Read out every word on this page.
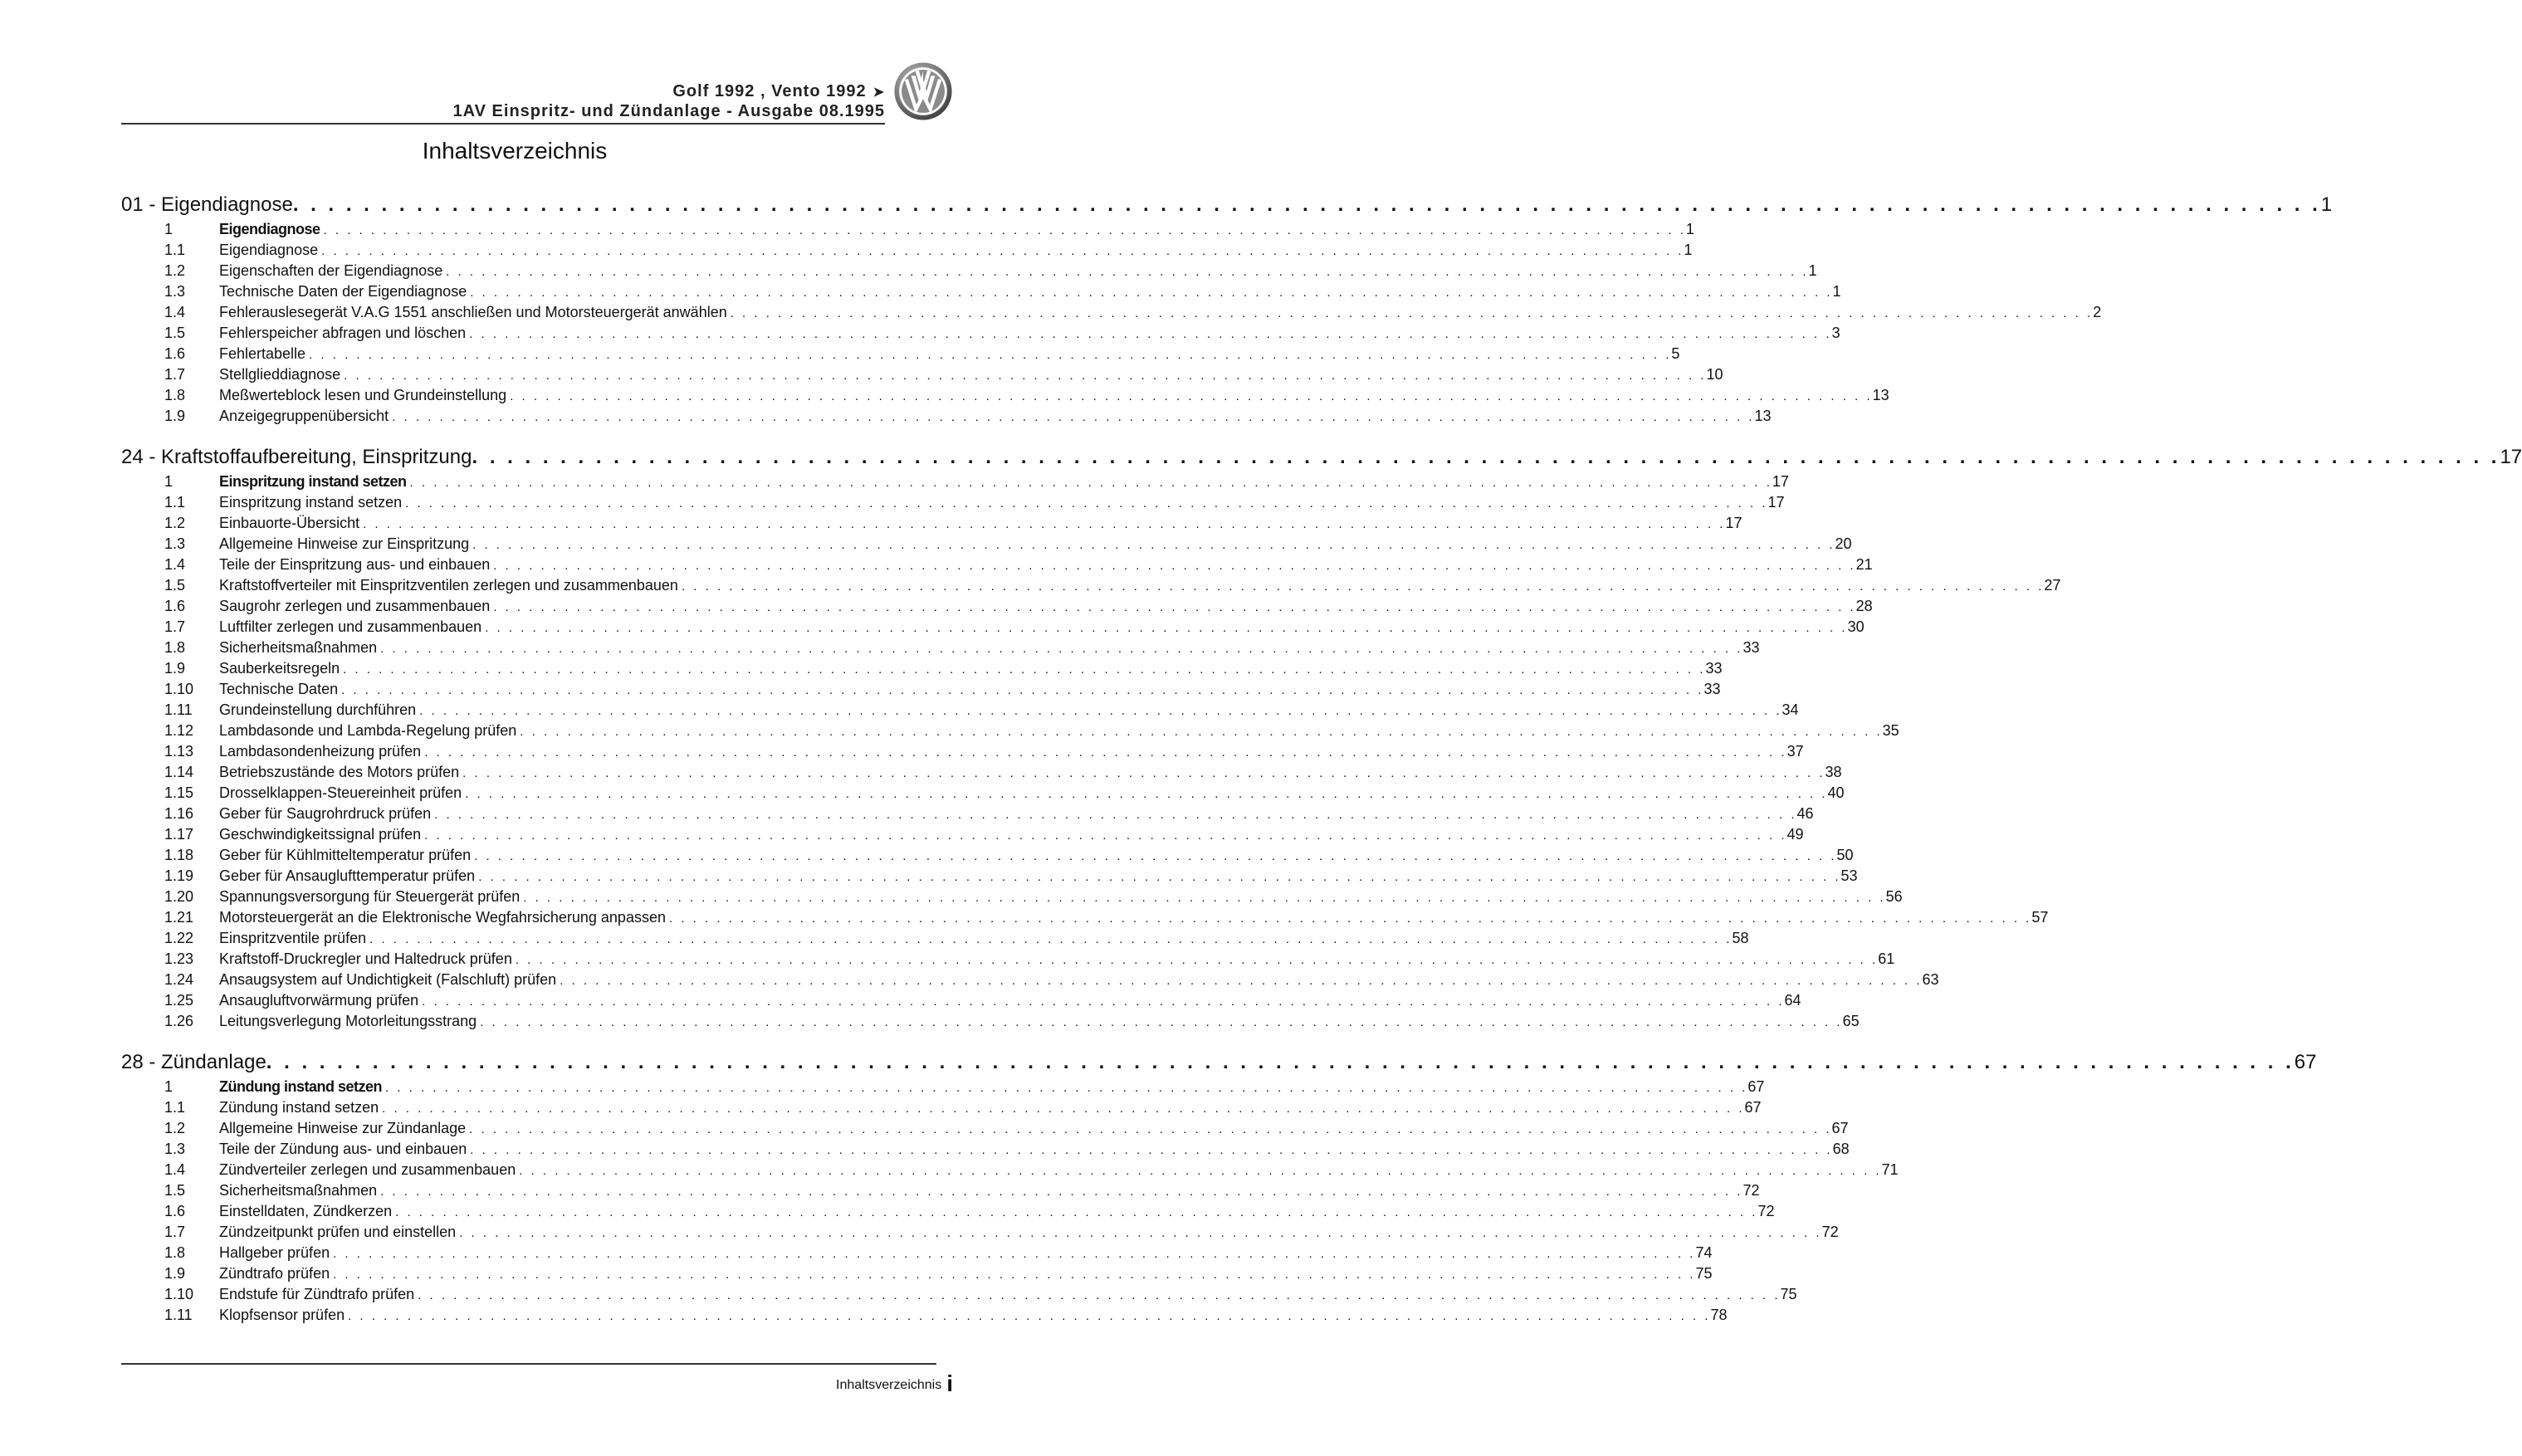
Golf 1992 , Vento 1992 ➤
1AV Einspritz- und Zündanlage - Ausgabe 08.1995
Inhaltsverzeichnis
01 - Eigendiagnose . . . . . . . . . . . . . . . . . . . . . . . . . . . . . . . . . . . . . . . . . . . . . . . . . . . . . . . . . . . . . . . . . . . . . . . . . . . . . . . . . . . . . . . . . . . . . . . . . . . . . . . . . . . . . . . . . . . 1
1	Eigendiagnose . . . . . . . . . . . . . . . . . . . . . . . . . . . . . . . . . . . . . . . . . . . . . . . . . . . . . . . . . . . . . . . . . . . . . . . . . . . . . . . . . . . . . . . . . . . . . . . . . . . . . . . . . . . . . . . . . . . 1
1.1	Eigendiagnose . . . . . . . . . . . . . . . . . . . . . . . . . . . . . . . . . . . . . . . . . . . . . . . . . . . . . . . . . . . . . . . . . . . . . . . . . . . . . . . . . . . . . . . . . . . . . . . . . . . . . . . . . . . . . . . . . . . 1
1.2	Eigenschaften der Eigendiagnose . . . . . . . . . . . . . . . . . . . . . . . . . . . . . . . . . . . . . . . . . . . . . . . . . . . . . . . . . . . . . . . . . . . . . . . . . . . . . . . . . . . . . . . . . . . . . . . . . . . . . . . . . . . . . . . . . . . 1
1.3	Technische Daten der Eigendiagnose . . . . . . . . . . . . . . . . . . . . . . . . . . . . . . . . . . . . . . . . . . . . . . . . . . . . . . . . . . . . . . . . . . . . . . . . . . . . . . . . . . . . . . . . . . . . . . . . . . . . . . . . . . . . . . . . . . . 1
1.4	Fehlerauslesegerät V.A.G 1551 anschließen und Motorsteuergerät anwählen . . . . . . . . . . . . . . . . . . . . . . . . . . . . . . . . . . . . . . . . . . . . . . . . . . . . . . . . . . . . . . . . . . . . . . . . . . . . . . . . . . . . . . . . . . . . . . . . . . . . . . . . . . . . . . . . . . . 2
1.5	Fehlerspeicher abfragen und löschen . . . . . . . . . . . . . . . . . . . . . . . . . . . . . . . . . . . . . . . . . . . . . . . . . . . . . . . . . . . . . . . . . . . . . . . . . . . . . . . . . . . . . . . . . . . . . . . . . . . . . . . . . . . . . . . . . . . 3
1.6	Fehlertabelle . . . . . . . . . . . . . . . . . . . . . . . . . . . . . . . . . . . . . . . . . . . . . . . . . . . . . . . . . . . . . . . . . . . . . . . . . . . . . . . . . . . . . . . . . . . . . . . . . . . . . . . . . . . . . . . . . . . 5
1.7	Stellglieddiagnose . . . . . . . . . . . . . . . . . . . . . . . . . . . . . . . . . . . . . . . . . . . . . . . . . . . . . . . . . . . . . . . . . . . . . . . . . . . . . . . . . . . . . . . . . . . . . . . . . . . . . . . . . . . . . . . . . . . 10
1.8	Meßwerteblock lesen und Grundeinstellung . . . . . . . . . . . . . . . . . . . . . . . . . . . . . . . . . . . . . . . . . . . . . . . . . . . . . . . . . . . . . . . . . . . . . . . . . . . . . . . . . . . . . . . . . . . . . . . . . . . . . . . . . . . . . . . . . . . 13
1.9	Anzeigegruppenübersicht . . . . . . . . . . . . . . . . . . . . . . . . . . . . . . . . . . . . . . . . . . . . . . . . . . . . . . . . . . . . . . . . . . . . . . . . . . . . . . . . . . . . . . . . . . . . . . . . . . . . . . . . . . . . . . . . . . . 13
24 - Kraftstoffaufbereitung, Einspritzung . . . . . . . . . . . . . . . . . . . . . . . . . . . . . . . . . . . . . . . . . . . . . . . . . . . . . . . . . . . . . . . . . . . . . . . . . . . . . . . . . . . . . . . . . . . . . . . . . . . . . . . . . . . . . . . . . . . 17
1	Einspritzung instand setzen . . . . . . . . . . . . . . . . . . . . . . . . . . . . . . . . . . . . . . . . . . . . . . . . . . . . . . . . . . . . . . . . . . . . . . . . . . . . . . . . . . . . . . . . . . . . . . . . . . . . . . . . . . . . . . . . . . . 17
1.1	Einspritzung instand setzen . . . . . . . . . . . . . . . . . . . . . . . . . . . . . . . . . . . . . . . . . . . . . . . . . . . . . . . . . . . . . . . . . . . . . . . . . . . . . . . . . . . . . . . . . . . . . . . . . . . . . . . . . . . . . . . . . . . 17
1.2	Einbauorte-Übersicht . . . . . . . . . . . . . . . . . . . . . . . . . . . . . . . . . . . . . . . . . . . . . . . . . . . . . . . . . . . . . . . . . . . . . . . . . . . . . . . . . . . . . . . . . . . . . . . . . . . . . . . . . . . . . . . . . . . 17
1.3	Allgemeine Hinweise zur Einspritzung . . . . . . . . . . . . . . . . . . . . . . . . . . . . . . . . . . . . . . . . . . . . . . . . . . . . . . . . . . . . . . . . . . . . . . . . . . . . . . . . . . . . . . . . . . . . . . . . . . . . . . . . . . . . . . . . . . . 20
1.4	Teile der Einspritzung aus- und einbauen . . . . . . . . . . . . . . . . . . . . . . . . . . . . . . . . . . . . . . . . . . . . . . . . . . . . . . . . . . . . . . . . . . . . . . . . . . . . . . . . . . . . . . . . . . . . . . . . . . . . . . . . . . . . . . . . . . . 21
1.5	Kraftstoffverteiler mit Einspritzventilen zerlegen und zusammenbauen . . . . . . . . . . . . . . . . . . . . . . . . . . . . . . . . . . . . . . . . . . . . . . . . . . . . . . . . . . . . . . . . . . . . . . . . . . . . . . . . . . . . . . . . . . . . . . . . . . . . . . . . . . . . . . . . . . . 27
1.6	Saugrohr zerlegen und zusammenbauen . . . . . . . . . . . . . . . . . . . . . . . . . . . . . . . . . . . . . . . . . . . . . . . . . . . . . . . . . . . . . . . . . . . . . . . . . . . . . . . . . . . . . . . . . . . . . . . . . . . . . . . . . . . . . . . . . . . 28
1.7	Luftfilter zerlegen und zusammenbauen . . . . . . . . . . . . . . . . . . . . . . . . . . . . . . . . . . . . . . . . . . . . . . . . . . . . . . . . . . . . . . . . . . . . . . . . . . . . . . . . . . . . . . . . . . . . . . . . . . . . . . . . . . . . . . . . . . . 30
1.8	Sicherheitsmaßnahmen . . . . . . . . . . . . . . . . . . . . . . . . . . . . . . . . . . . . . . . . . . . . . . . . . . . . . . . . . . . . . . . . . . . . . . . . . . . . . . . . . . . . . . . . . . . . . . . . . . . . . . . . . . . . . . . . . . . 33
1.9	Sauberkeitsregeln . . . . . . . . . . . . . . . . . . . . . . . . . . . . . . . . . . . . . . . . . . . . . . . . . . . . . . . . . . . . . . . . . . . . . . . . . . . . . . . . . . . . . . . . . . . . . . . . . . . . . . . . . . . . . . . . . . . 33
1.10	Technische Daten . . . . . . . . . . . . . . . . . . . . . . . . . . . . . . . . . . . . . . . . . . . . . . . . . . . . . . . . . . . . . . . . . . . . . . . . . . . . . . . . . . . . . . . . . . . . . . . . . . . . . . . . . . . . . . . . . . . 33
1.11	Grundeinstellung durchführen . . . . . . . . . . . . . . . . . . . . . . . . . . . . . . . . . . . . . . . . . . . . . . . . . . . . . . . . . . . . . . . . . . . . . . . . . . . . . . . . . . . . . . . . . . . . . . . . . . . . . . . . . . . . . . . . . . . 34
1.12	Lambdasonde und Lambda-Regelung prüfen . . . . . . . . . . . . . . . . . . . . . . . . . . . . . . . . . . . . . . . . . . . . . . . . . . . . . . . . . . . . . . . . . . . . . . . . . . . . . . . . . . . . . . . . . . . . . . . . . . . . . . . . . . . . . . . . . . . 35
1.13	Lambdasondenheizung prüfen . . . . . . . . . . . . . . . . . . . . . . . . . . . . . . . . . . . . . . . . . . . . . . . . . . . . . . . . . . . . . . . . . . . . . . . . . . . . . . . . . . . . . . . . . . . . . . . . . . . . . . . . . . . . . . . . . . . 37
1.14	Betriebszustände des Motors prüfen . . . . . . . . . . . . . . . . . . . . . . . . . . . . . . . . . . . . . . . . . . . . . . . . . . . . . . . . . . . . . . . . . . . . . . . . . . . . . . . . . . . . . . . . . . . . . . . . . . . . . . . . . . . . . . . . . . . 38
1.15	Drosselklappen-Steuereinheit prüfen . . . . . . . . . . . . . . . . . . . . . . . . . . . . . . . . . . . . . . . . . . . . . . . . . . . . . . . . . . . . . . . . . . . . . . . . . . . . . . . . . . . . . . . . . . . . . . . . . . . . . . . . . . . . . . . . . . . 40
1.16	Geber für Saugrohrdruck prüfen . . . . . . . . . . . . . . . . . . . . . . . . . . . . . . . . . . . . . . . . . . . . . . . . . . . . . . . . . . . . . . . . . . . . . . . . . . . . . . . . . . . . . . . . . . . . . . . . . . . . . . . . . . . . . . . . . . . 46
1.17	Geschwindigkeitssignal prüfen . . . . . . . . . . . . . . . . . . . . . . . . . . . . . . . . . . . . . . . . . . . . . . . . . . . . . . . . . . . . . . . . . . . . . . . . . . . . . . . . . . . . . . . . . . . . . . . . . . . . . . . . . . . . . . . . . . . 49
1.18	Geber für Kühlmitteltemperatur prüfen . . . . . . . . . . . . . . . . . . . . . . . . . . . . . . . . . . . . . . . . . . . . . . . . . . . . . . . . . . . . . . . . . . . . . . . . . . . . . . . . . . . . . . . . . . . . . . . . . . . . . . . . . . . . . . . . . . . 50
1.19	Geber für Ansauglufttemperatur prüfen . . . . . . . . . . . . . . . . . . . . . . . . . . . . . . . . . . . . . . . . . . . . . . . . . . . . . . . . . . . . . . . . . . . . . . . . . . . . . . . . . . . . . . . . . . . . . . . . . . . . . . . . . . . . . . . . . . . 53
1.20	Spannungsversorgung für Steuergerät prüfen . . . . . . . . . . . . . . . . . . . . . . . . . . . . . . . . . . . . . . . . . . . . . . . . . . . . . . . . . . . . . . . . . . . . . . . . . . . . . . . . . . . . . . . . . . . . . . . . . . . . . . . . . . . . . . . . . . . 56
1.21	Motorsteuergerät an die Elektronische Wegfahrsicherung anpassen . . . . . . . . . . . . . . . . . . . . . . . . . . . . . . . . . . . . . . . . . . . . . . . . . . . . . . . . . . . . . . . . . . . . . . . . . . . . . . . . . . . . . . . . . . . . . . . . . . . . . . . . . . . . . . . . . . . 57
1.22	Einspritzventile prüfen . . . . . . . . . . . . . . . . . . . . . . . . . . . . . . . . . . . . . . . . . . . . . . . . . . . . . . . . . . . . . . . . . . . . . . . . . . . . . . . . . . . . . . . . . . . . . . . . . . . . . . . . . . . . . . . . . . . 58
1.23	Kraftstoff-Druckregler und Haltedruck prüfen . . . . . . . . . . . . . . . . . . . . . . . . . . . . . . . . . . . . . . . . . . . . . . . . . . . . . . . . . . . . . . . . . . . . . . . . . . . . . . . . . . . . . . . . . . . . . . . . . . . . . . . . . . . . . . . . . . . 61
1.24	Ansaugsystem auf Undichtigkeit (Falschluft) prüfen . . . . . . . . . . . . . . . . . . . . . . . . . . . . . . . . . . . . . . . . . . . . . . . . . . . . . . . . . . . . . . . . . . . . . . . . . . . . . . . . . . . . . . . . . . . . . . . . . . . . . . . . . . . . . . . . . . . 63
1.25	Ansaugluftvorwärmung prüfen . . . . . . . . . . . . . . . . . . . . . . . . . . . . . . . . . . . . . . . . . . . . . . . . . . . . . . . . . . . . . . . . . . . . . . . . . . . . . . . . . . . . . . . . . . . . . . . . . . . . . . . . . . . . . . . . . . . 64
1.26	Leitungsverlegung Motorleitungsstrang . . . . . . . . . . . . . . . . . . . . . . . . . . . . . . . . . . . . . . . . . . . . . . . . . . . . . . . . . . . . . . . . . . . . . . . . . . . . . . . . . . . . . . . . . . . . . . . . . . . . . . . . . . . . . . . . . . . 65
28 - Zündanlage . . . . . . . . . . . . . . . . . . . . . . . . . . . . . . . . . . . . . . . . . . . . . . . . . . . . . . . . . . . . . . . . . . . . . . . . . . . . . . . . . . . . . . . . . . . . . . . . . . . . . . . . . . . . . . . . . . . 67
1	Zündung instand setzen . . . . . . . . . . . . . . . . . . . . . . . . . . . . . . . . . . . . . . . . . . . . . . . . . . . . . . . . . . . . . . . . . . . . . . . . . . . . . . . . . . . . . . . . . . . . . . . . . . . . . . . . . . . . . . . . . . . 67
1.1	Zündung instand setzen . . . . . . . . . . . . . . . . . . . . . . . . . . . . . . . . . . . . . . . . . . . . . . . . . . . . . . . . . . . . . . . . . . . . . . . . . . . . . . . . . . . . . . . . . . . . . . . . . . . . . . . . . . . . . . . . . . . 67
1.2	Allgemeine Hinweise zur Zündanlage . . . . . . . . . . . . . . . . . . . . . . . . . . . . . . . . . . . . . . . . . . . . . . . . . . . . . . . . . . . . . . . . . . . . . . . . . . . . . . . . . . . . . . . . . . . . . . . . . . . . . . . . . . . . . . . . . . . 67
1.3	Teile der Zündung aus- und einbauen . . . . . . . . . . . . . . . . . . . . . . . . . . . . . . . . . . . . . . . . . . . . . . . . . . . . . . . . . . . . . . . . . . . . . . . . . . . . . . . . . . . . . . . . . . . . . . . . . . . . . . . . . . . . . . . . . . . 68
1.4	Zündverteiler zerlegen und zusammenbauen . . . . . . . . . . . . . . . . . . . . . . . . . . . . . . . . . . . . . . . . . . . . . . . . . . . . . . . . . . . . . . . . . . . . . . . . . . . . . . . . . . . . . . . . . . . . . . . . . . . . . . . . . . . . . . . . . . . 71
1.5	Sicherheitsmaßnahmen . . . . . . . . . . . . . . . . . . . . . . . . . . . . . . . . . . . . . . . . . . . . . . . . . . . . . . . . . . . . . . . . . . . . . . . . . . . . . . . . . . . . . . . . . . . . . . . . . . . . . . . . . . . . . . . . . . . 72
1.6	Einstelldaten, Zündkerzen . . . . . . . . . . . . . . . . . . . . . . . . . . . . . . . . . . . . . . . . . . . . . . . . . . . . . . . . . . . . . . . . . . . . . . . . . . . . . . . . . . . . . . . . . . . . . . . . . . . . . . . . . . . . . . . . . . . 72
1.7	Zündzeitpunkt prüfen und einstellen . . . . . . . . . . . . . . . . . . . . . . . . . . . . . . . . . . . . . . . . . . . . . . . . . . . . . . . . . . . . . . . . . . . . . . . . . . . . . . . . . . . . . . . . . . . . . . . . . . . . . . . . . . . . . . . . . . . 72
1.8	Hallgeber prüfen . . . . . . . . . . . . . . . . . . . . . . . . . . . . . . . . . . . . . . . . . . . . . . . . . . . . . . . . . . . . . . . . . . . . . . . . . . . . . . . . . . . . . . . . . . . . . . . . . . . . . . . . . . . . . . . . . . . 74
1.9	Zündtrafo prüfen . . . . . . . . . . . . . . . . . . . . . . . . . . . . . . . . . . . . . . . . . . . . . . . . . . . . . . . . . . . . . . . . . . . . . . . . . . . . . . . . . . . . . . . . . . . . . . . . . . . . . . . . . . . . . . . . . . . 75
1.10	Endstufe für Zündtrafo prüfen . . . . . . . . . . . . . . . . . . . . . . . . . . . . . . . . . . . . . . . . . . . . . . . . . . . . . . . . . . . . . . . . . . . . . . . . . . . . . . . . . . . . . . . . . . . . . . . . . . . . . . . . . . . . . . . . . . . 75
1.11	Klopfsensor prüfen . . . . . . . . . . . . . . . . . . . . . . . . . . . . . . . . . . . . . . . . . . . . . . . . . . . . . . . . . . . . . . . . . . . . . . . . . . . . . . . . . . . . . . . . . . . . . . . . . . . . . . . . . . . . . . . . . . . 78
Inhaltsverzeichnis i
